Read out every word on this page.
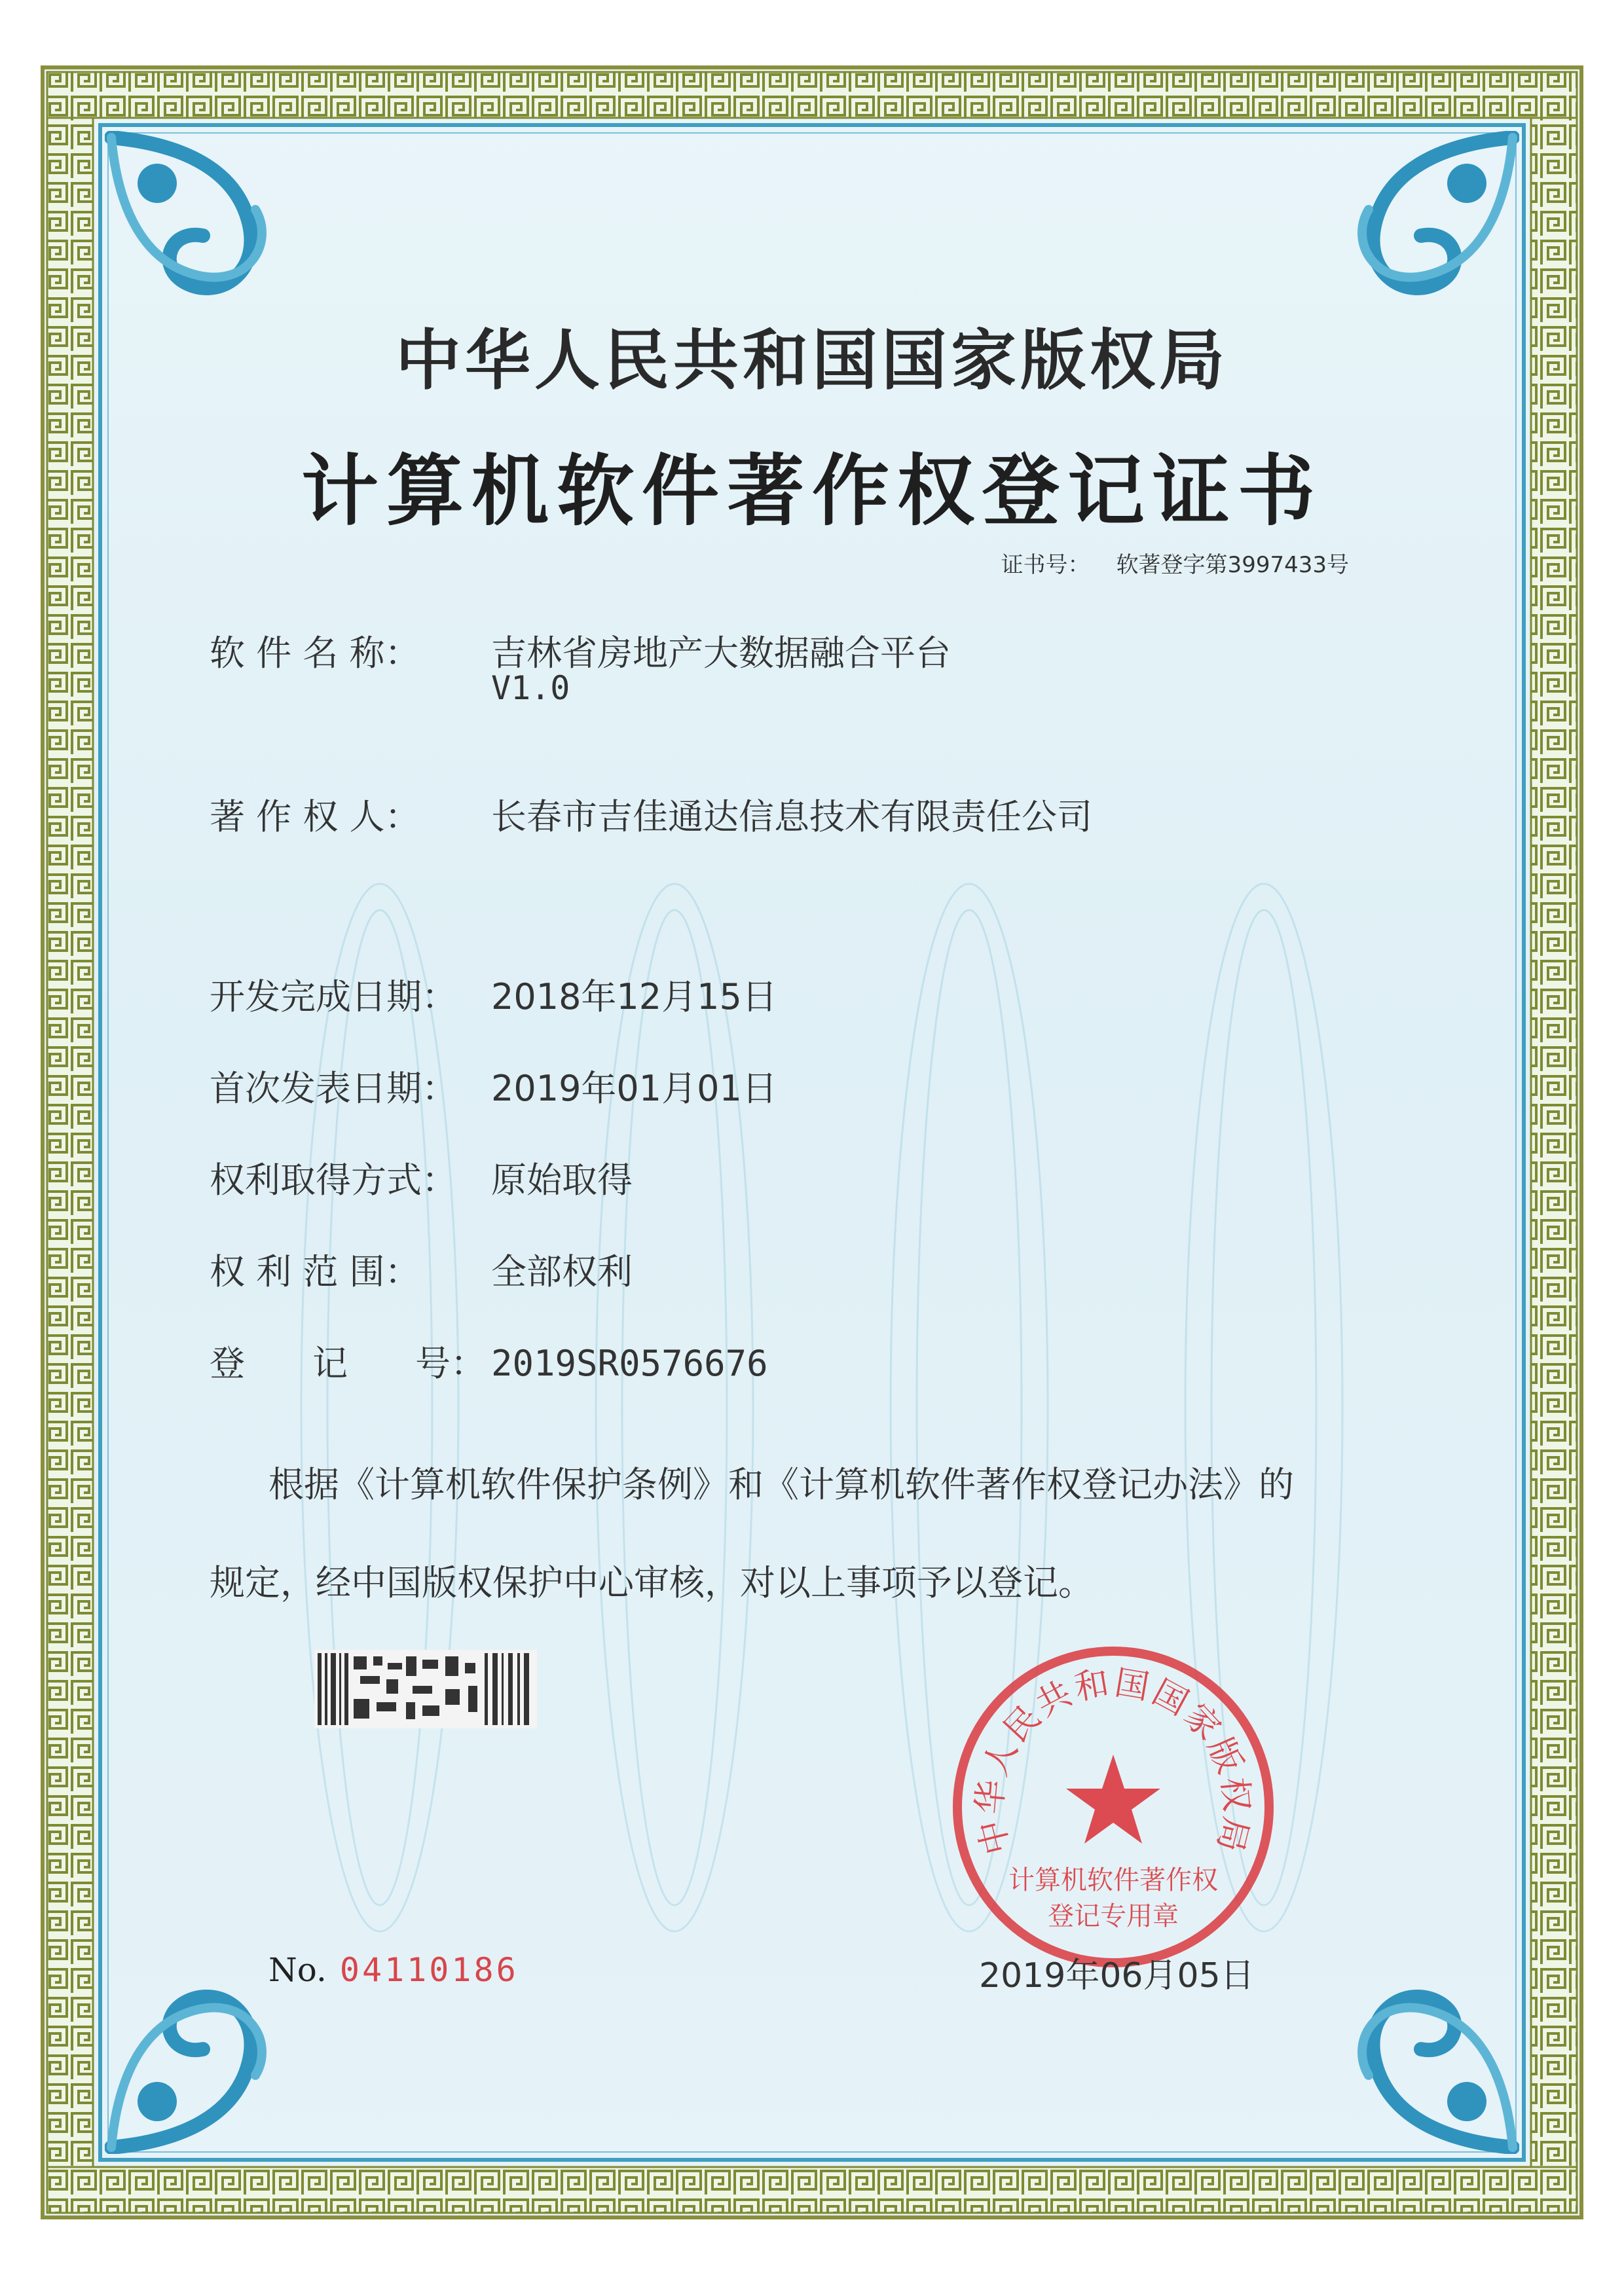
中华人民共和国国家版权局
计算机软件著作权登记证书
证书号： 软著登字第3997433号
软 件 名 称： 吉林省房地产大数据融合平台
V1.0
著 作 权 人： 长春市吉佳通达信息技术有限责任公司
开发完成日期： 2018年12月15日
首次发表日期： 2019年01月01日
权利取得方式： 原始取得
权 利 范 围： 全部权利
登      记      号： 2019SR0576676
根据《计算机软件保护条例》和《计算机软件著作权登记办法》的
规定，经中国版权保护中心审核，对以上事项予以登记。
中华人民共和国国家版权局
计算机软件著作权
登记专用章
No. 04110186	2019年06月05日
